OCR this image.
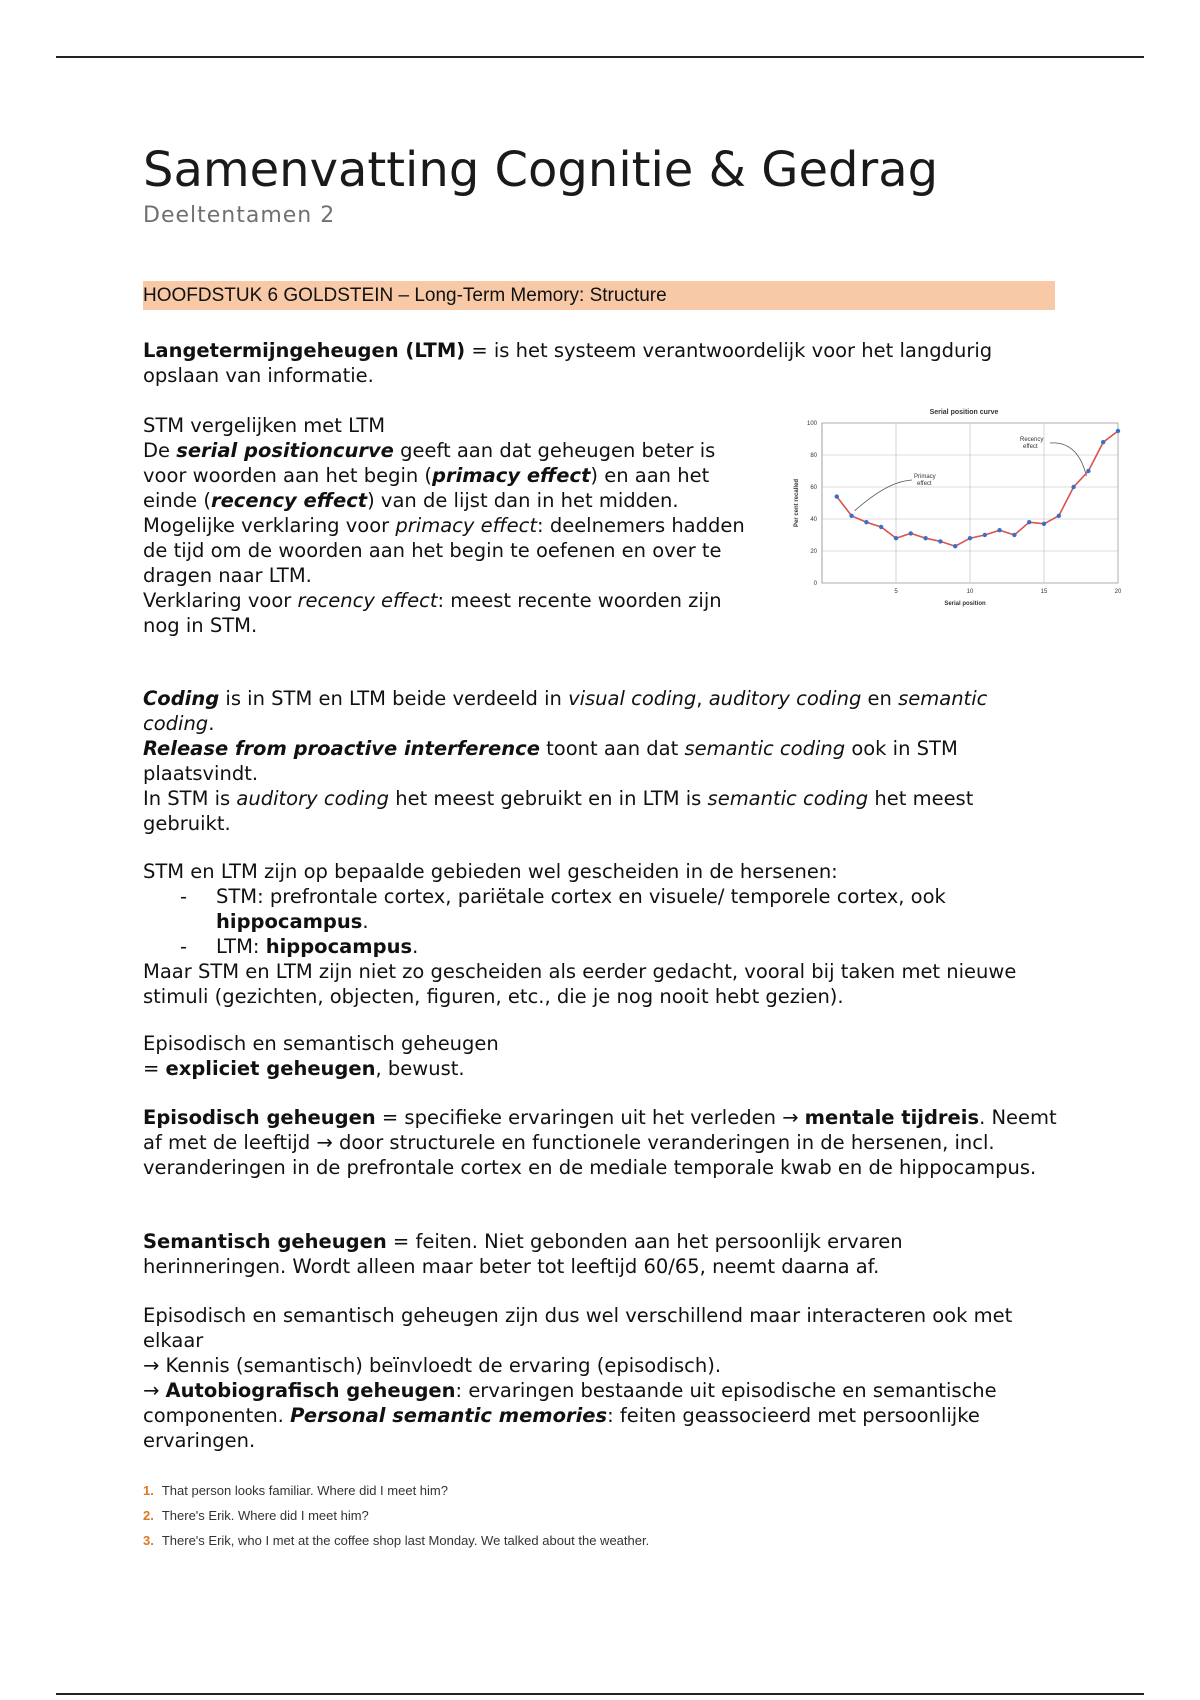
Samenvatting Cognitie & Gedrag
Deeltentamen 2
HOOFDSTUK 6 GOLDSTEIN – Long-Term Memory: Structure

Langetermijngeheugen (LTM) = is het systeem verantwoordelijk voor het langdurig opslaan van informatie.

STM vergelijken met LTM
De serial positioncurve geeft aan dat geheugen beter is voor woorden aan het begin (primacy effect) en aan het einde (recency effect) van de lijst dan in het midden.
Mogelijke verklaring voor primacy effect: deelnemers hadden de tijd om de woorden aan het begin te oefenen en over te dragen naar LTM.
Verklaring voor recency effect: meest recente woorden zijn nog in STM.

Serial position curve
0
20
40
60
80
100
5	10	15	20
Per cent recalled
Serial position
Primacy
effect
Recency
effect

Coding is in STM en LTM beide verdeeld in visual coding, auditory coding en semantic coding.
Release from proactive interference toont aan dat semantic coding ook in STM plaatsvindt.
In STM is auditory coding het meest gebruikt en in LTM is semantic coding het meest gebruikt.

STM en LTM zijn op bepaalde gebieden wel gescheiden in de hersenen:
- STM: prefrontale cortex, pariëtale cortex en visuele/ temporele cortex, ook hippocampus.
- LTM: hippocampus.
Maar STM en LTM zijn niet zo gescheiden als eerder gedacht, vooral bij taken met nieuwe stimuli (gezichten, objecten, figuren, etc., die je nog nooit hebt gezien).

Episodisch en semantisch geheugen
= expliciet geheugen, bewust.

Episodisch geheugen = specifieke ervaringen uit het verleden → mentale tijdreis. Neemt af met de leeftijd → door structurele en functionele veranderingen in de hersenen, incl. veranderingen in de prefrontale cortex en de mediale temporale kwab en de hippocampus.

Semantisch geheugen = feiten. Niet gebonden aan het persoonlijk ervaren herinneringen. Wordt alleen maar beter tot leeftijd 60/65, neemt daarna af.

Episodisch en semantisch geheugen zijn dus wel verschillend maar interacteren ook met elkaar
→ Kennis (semantisch) beïnvloedt de ervaring (episodisch).
→ Autobiografisch geheugen: ervaringen bestaande uit episodische en semantische componenten. Personal semantic memories: feiten geassocieerd met persoonlijke ervaringen.

1. That person looks familiar. Where did I meet him?
2. There's Erik. Where did I meet him?
3. There's Erik, who I met at the coffee shop last Monday. We talked about the weather.
